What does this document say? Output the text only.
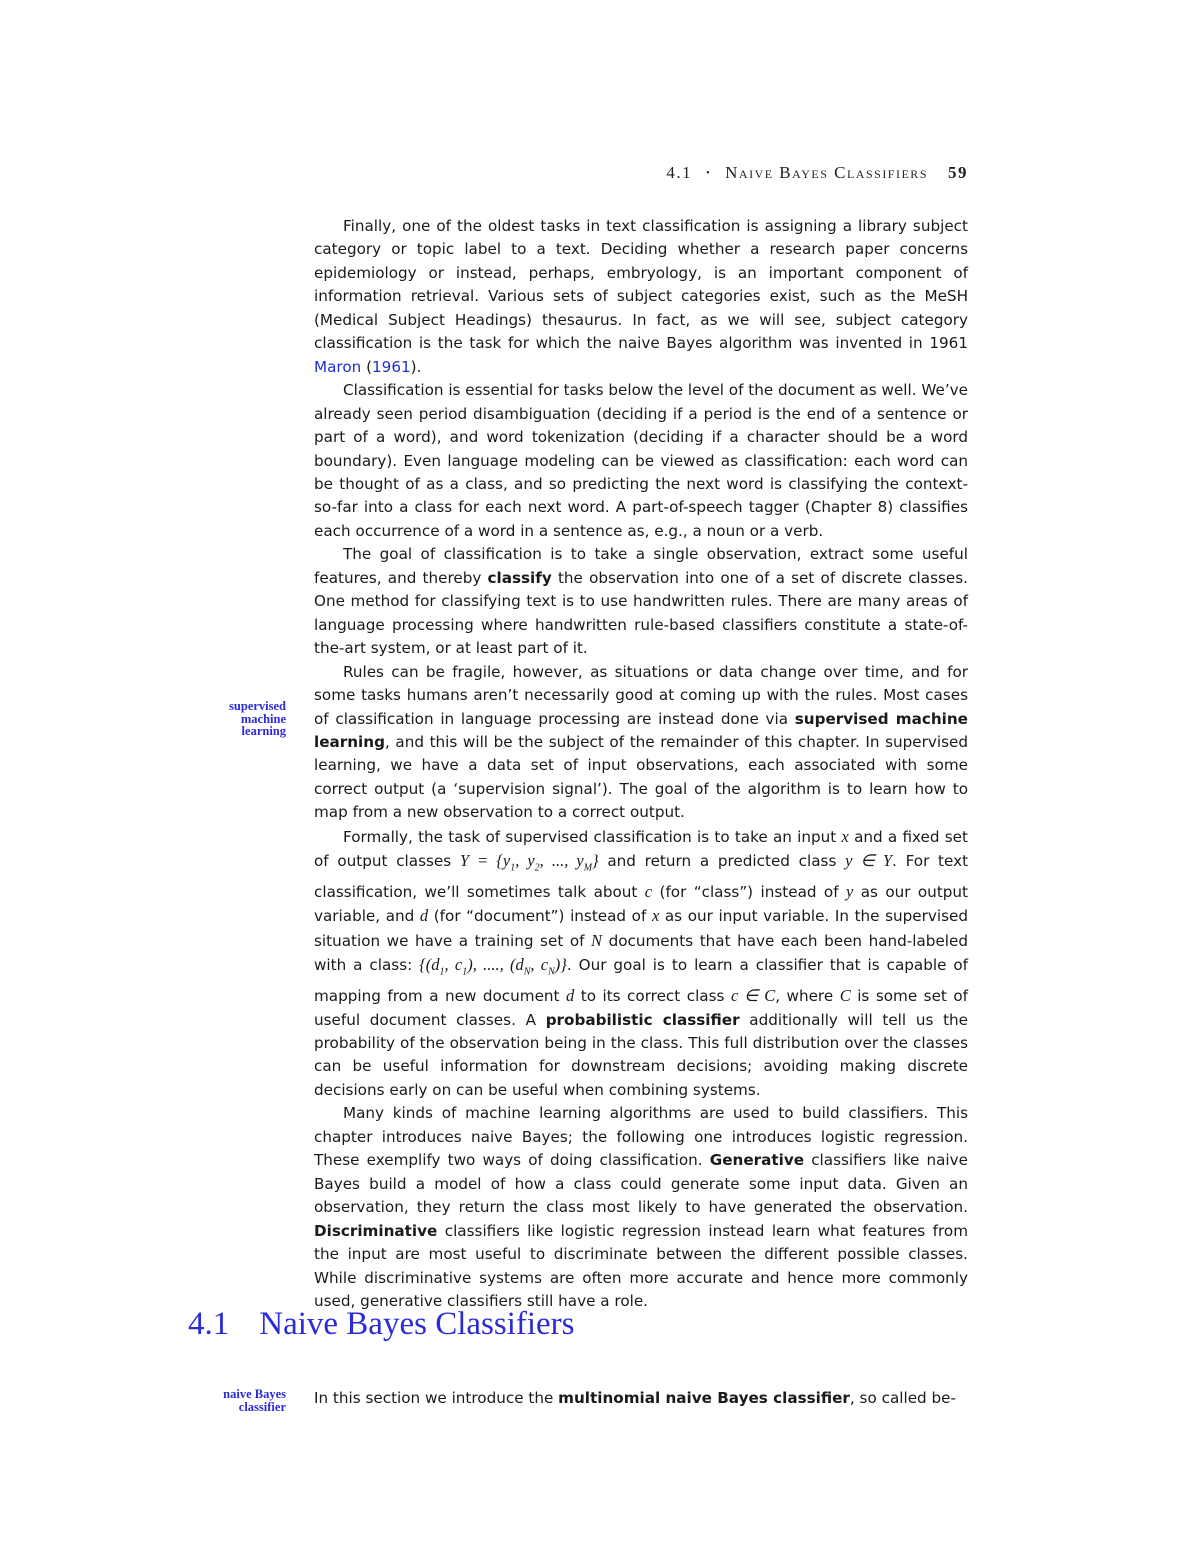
4.1 • Naive Bayes Classifiers 59
supervised
machine
learning
naive Bayes
classifier

Finally, one of the oldest tasks in text classification is assigning a library subject category or topic label to a text. Deciding whether a research paper concerns epidemiology or instead, perhaps, embryology, is an important component of information retrieval. Various sets of subject categories exist, such as the MeSH (Medical Subject Headings) thesaurus. In fact, as we will see, subject category classification is the task for which the naive Bayes algorithm was invented in 1961 Maron (1961).

Classification is essential for tasks below the level of the document as well. We’ve already seen period disambiguation (deciding if a period is the end of a sentence or part of a word), and word tokenization (deciding if a character should be a word boundary). Even language modeling can be viewed as classification: each word can be thought of as a class, and so predicting the next word is classifying the context-so-far into a class for each next word. A part-of-speech tagger (Chapter 8) classifies each occurrence of a word in a sentence as, e.g., a noun or a verb.

The goal of classification is to take a single observation, extract some useful features, and thereby classify the observation into one of a set of discrete classes. One method for classifying text is to use handwritten rules. There are many areas of language processing where handwritten rule-based classifiers constitute a state-of-the-art system, or at least part of it.

Rules can be fragile, however, as situations or data change over time, and for some tasks humans aren’t necessarily good at coming up with the rules. Most cases of classification in language processing are instead done via supervised machine learning, and this will be the subject of the remainder of this chapter. In supervised learning, we have a data set of input observations, each associated with some correct output (a ‘supervision signal’). The goal of the algorithm is to learn how to map from a new observation to a correct output.

Formally, the task of supervised classification is to take an input x and a fixed set of output classes $Y = \{y_1$, $y_2$, ..., $y_M$} and return a predicted class y ∈ Y. For text classification, we’ll sometimes talk about c (for “class”) instead of y as our output variable, and d (for “document”) instead of x as our input variable. In the supervised situation we have a training set of N documents that have each been hand-labeled with a class: {($d_1$, $c_1$), ...., ($d_N$, $c_N$)}. Our goal is to learn a classifier that is capable of mapping from a new document d to its correct class c ∈ C, where C is some set of useful document classes. A probabilistic classifier additionally will tell us the probability of the observation being in the class. This full distribution over the classes can be useful information for downstream decisions; avoiding making discrete decisions early on can be useful when combining systems.

Many kinds of machine learning algorithms are used to build classifiers. This chapter introduces naive Bayes; the following one introduces logistic regression. These exemplify two ways of doing classification. Generative classifiers like naive Bayes build a model of how a class could generate some input data. Given an observation, they return the class most likely to have generated the observation. Discriminative classifiers like logistic regression instead learn what features from the input are most useful to discriminate between the different possible classes. While discriminative systems are often more accurate and hence more commonly used, generative classifiers still have a role.

4.1 Naive Bayes Classifiers
In this section we introduce the multinomial naive Bayes classifier, so called be-
